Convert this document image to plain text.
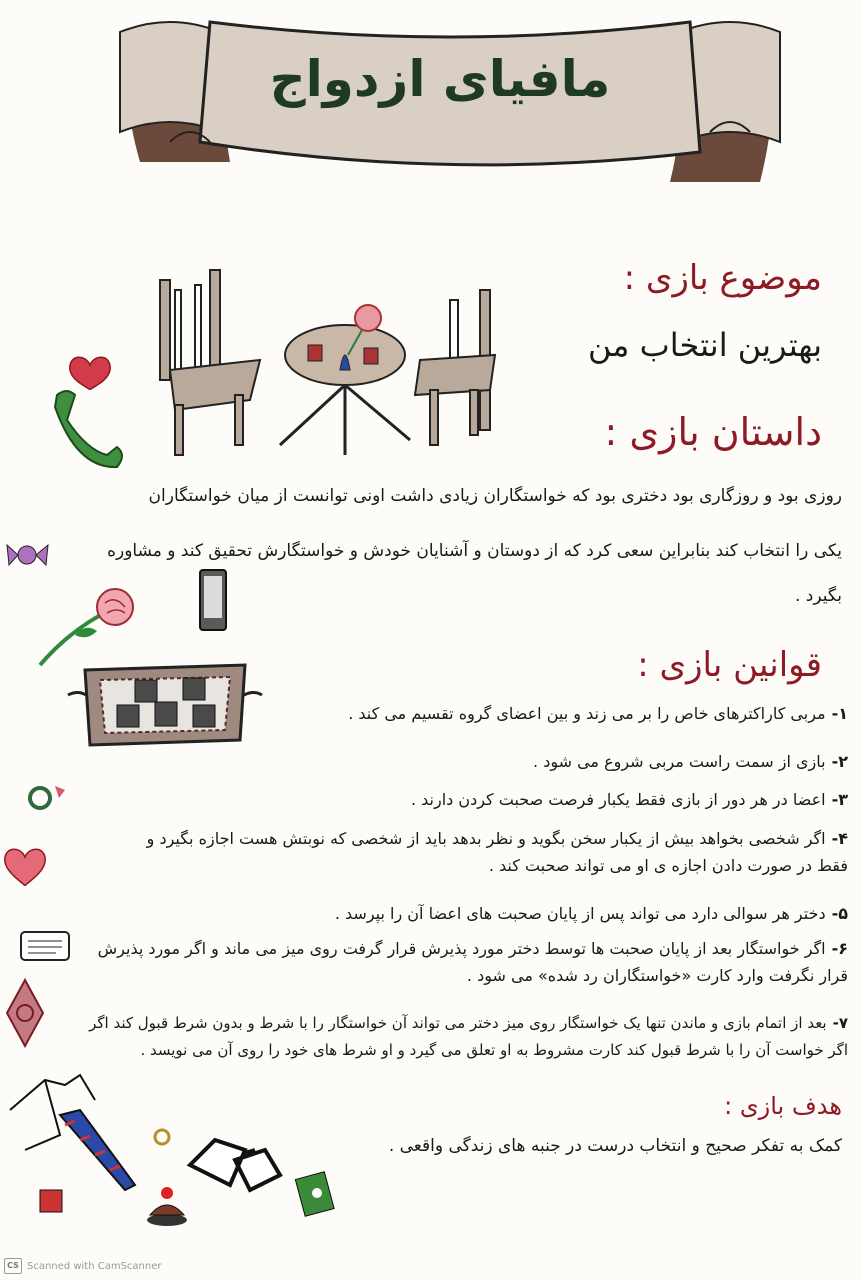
مافیای ازدواج
موضوع بازی :
بهترین انتخاب من
داستان بازی :
روزی بود و روزگاری بود دختری بود که خواستگاران زیادی داشت اونی توانست از میان خواستگاران
یکی را انتخاب کند بنابراین سعی کرد که از دوستان و آشنایان خودش و خواستگارش تحقیق کند و مشاوره
بگیرد .
قوانین بازی :
۱-مربی کاراکترهای خاص را بر می زند و بین اعضای گروه تقسیم می کند .
۲-بازی از سمت راست مربی شروع می شود .
۳-اعضا در هر دور از بازی فقط یکبار فرصت صحبت کردن دارند .
۴-اگر شخصی بخواهد بیش از یکبار سخن بگوید و نظر بدهد باید از شخصی که نوبتش هست اجازه بگیرد و
فقط در صورت دادن اجازه ی او می تواند صحبت کند .
۵-دختر هر سوالی دارد می تواند پس از پایان صحبت های اعضا آن را بپرسد .
۶-اگر خواستگار بعد از پایان صحبت ها توسط دختر مورد پذیرش قرار گرفت روی میز می ماند و اگر مورد پذیرش
قرار نگرفت وارد کارت «خواستگاران رد شده» می شود .
۷-بعد از اتمام بازی و ماندن تنها یک خواستگار روی میز دختر می تواند آن خواستگار را با شرط و بدون شرط قبول کند اگر
اگر خواست آن را با شرط قبول کند کارت مشروط به او تعلق می گیرد و او شرط های خود را روی آن می نویسد .
هدف بازی :
کمک به تفکر صحیح و انتخاب درست در جنبه های زندگی واقعی .
CS Scanned with CamScanner
